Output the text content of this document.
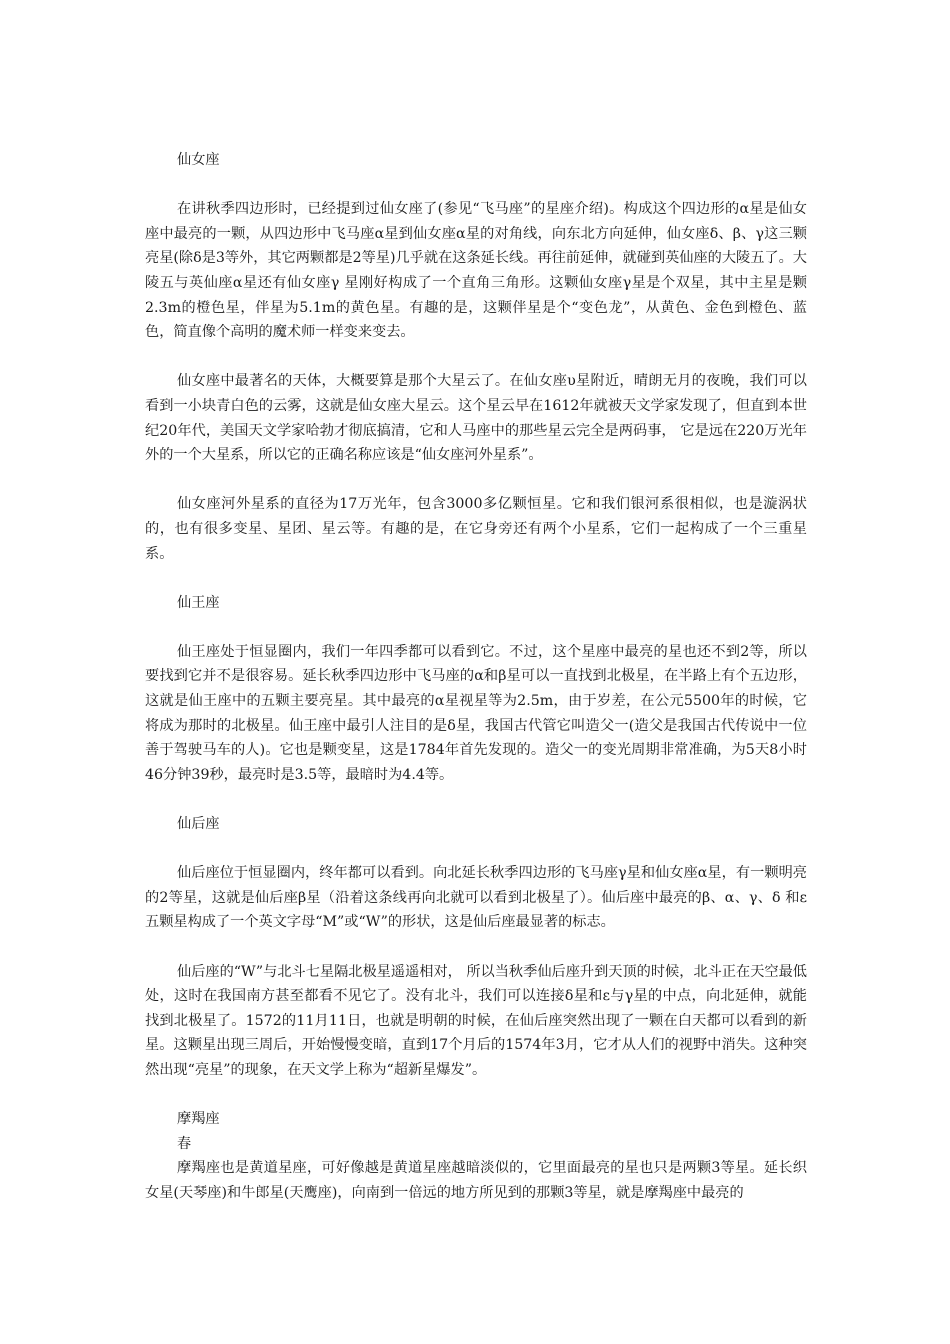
仙女座

在讲秋季四边形时，已经提到过仙女座了(参见“飞马座”的星座介绍)。构成这个四边形的α星是仙女座中最亮的一颗，从四边形中飞马座α星到仙女座α星的对角线，向东北方向延伸，仙女座δ、β、γ这三颗亮星(除δ是3等外，其它两颗都是2等星)几乎就在这条延长线。再往前延伸，就碰到英仙座的大陵五了。大陵五与英仙座α星还有仙女座γ 星刚好构成了一个直角三角形。这颗仙女座γ星是个双星，其中主星是颗2.3m的橙色星，伴星为5.1m的黄色星。有趣的是，这颗伴星是个“变色龙”，从黄色、金色到橙色、蓝色，简直像个高明的魔术师一样变来变去。

仙女座中最著名的天体，大概要算是那个大星云了。在仙女座υ星附近，晴朗无月的夜晚，我们可以看到一小块青白色的云雾，这就是仙女座大星云。这个星云早在1612年就被天文学家发现了，但直到本世纪20年代，美国天文学家哈勃才彻底搞清，它和人马座中的那些星云完全是两码事， 它是远在220万光年外的一个大星系，所以它的正确名称应该是“仙女座河外星系”。

仙女座河外星系的直径为17万光年，包含3000多亿颗恒星。它和我们银河系很相似，也是漩涡状的，也有很多变星、星团、星云等。有趣的是，在它身旁还有两个小星系，它们一起构成了一个三重星系。

仙王座

仙王座处于恒显圈内，我们一年四季都可以看到它。不过，这个星座中最亮的星也还不到2等，所以要找到它并不是很容易。延长秋季四边形中飞马座的α和β星可以一直找到北极星，在半路上有个五边形，这就是仙王座中的五颗主要亮星。其中最亮的α星视星等为2.5m，由于岁差，在公元5500年的时候，它将成为那时的北极星。仙王座中最引人注目的是δ星，我国古代管它叫造父一(造父是我国古代传说中一位善于驾驶马车的人)。它也是颗变星，这是1784年首先发现的。造父一的变光周期非常准确，为5天8小时46分钟39秒，最亮时是3.5等，最暗时为4.4等。

仙后座

仙后座位于恒显圈内，终年都可以看到。向北延长秋季四边形的飞马座γ星和仙女座α星，有一颗明亮的2等星，这就是仙后座β星（沿着这条线再向北就可以看到北极星了）。仙后座中最亮的β、α、γ、δ 和ε五颗星构成了一个英文字母“M”或“W”的形状，这是仙后座最显著的标志。

仙后座的“W”与北斗七星隔北极星遥遥相对， 所以当秋季仙后座升到天顶的时候，北斗正在天空最低处，这时在我国南方甚至都看不见它了。没有北斗，我们可以连接δ星和ε与γ星的中点，向北延伸，就能找到北极星了。1572的11月11日，也就是明朝的时候，在仙后座突然出现了一颗在白天都可以看到的新星。这颗星出现三周后，开始慢慢变暗，直到17个月后的1574年3月，它才从人们的视野中消失。这种突然出现“亮星”的现象，在天文学上称为“超新星爆发”。

摩羯座

春

摩羯座也是黄道星座，可好像越是黄道星座越暗淡似的，它里面最亮的星也只是两颗3等星。延长织女星(天琴座)和牛郎星(天鹰座)，向南到一倍远的地方所见到的那颗3等星，就是摩羯座中最亮的
